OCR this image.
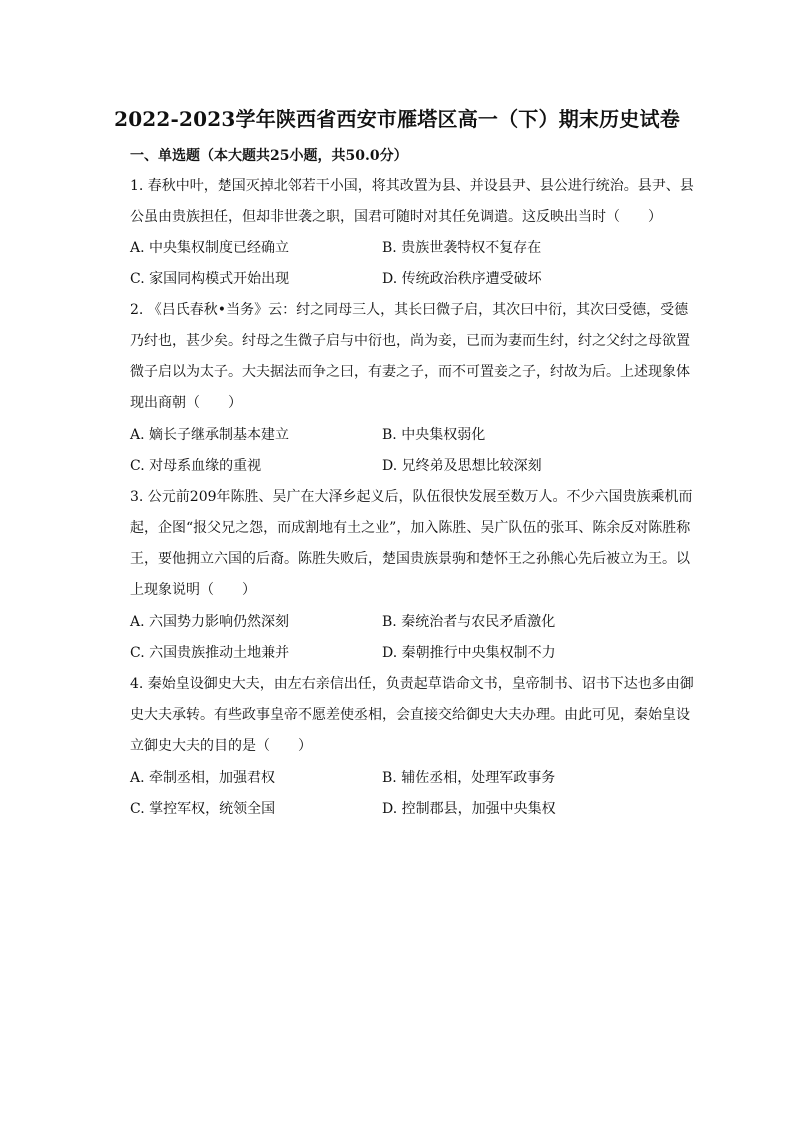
2022-2023学年陕西省西安市雁塔区高一（下）期末历史试卷
一、单选题（本大题共25小题，共50.0分）
1. 春秋中叶，楚国灭掉北邻若干小国，将其改置为县、并设县尹、县公进行统治。县尹、县公虽由贵族担任，但却非世袭之职，国君可随时对其任免调遣。这反映出当时（　　）
A. 中央集权制度已经确立	B. 贵族世袭特权不复存在
C. 家国同构模式开始出现	D. 传统政治秩序遭受破坏
2. 《吕氏春秋•当务》云：纣之同母三人，其长曰微子启，其次曰中衍，其次曰受德，受德乃纣也，甚少矣。纣母之生微子启与中衍也，尚为妾，已而为妻而生纣，纣之父纣之母欲置微子启以为太子。大夫据法而争之曰，有妻之子，而不可置妾之子，纣故为后。上述现象体现出商朝（　　）
A. 嫡长子继承制基本建立	B. 中央集权弱化
C. 对母系血缘的重视	D. 兄终弟及思想比较深刻
3. 公元前209年陈胜、吴广在大泽乡起义后，队伍很快发展至数万人。不少六国贵族乘机而起，企图“报父兄之怨，而成割地有土之业”，加入陈胜、吴广队伍的张耳、陈余反对陈胜称王，要他拥立六国的后裔。陈胜失败后，楚国贵族景驹和楚怀王之孙熊心先后被立为王。以上现象说明（　　）
A. 六国势力影响仍然深刻	B. 秦统治者与农民矛盾激化
C. 六国贵族推动土地兼并	D. 秦朝推行中央集权制不力
4. 秦始皇设御史大夫，由左右亲信出任，负责起草诰命文书，皇帝制书、诏书下达也多由御史大夫承转。有些政事皇帝不愿差使丞相，会直接交给御史大夫办理。由此可见，秦始皇设立御史大夫的目的是（　　）
A. 牵制丞相，加强君权	B. 辅佐丞相，处理军政事务
C. 掌控军权，统领全国	D. 控制郡县，加强中央集权
